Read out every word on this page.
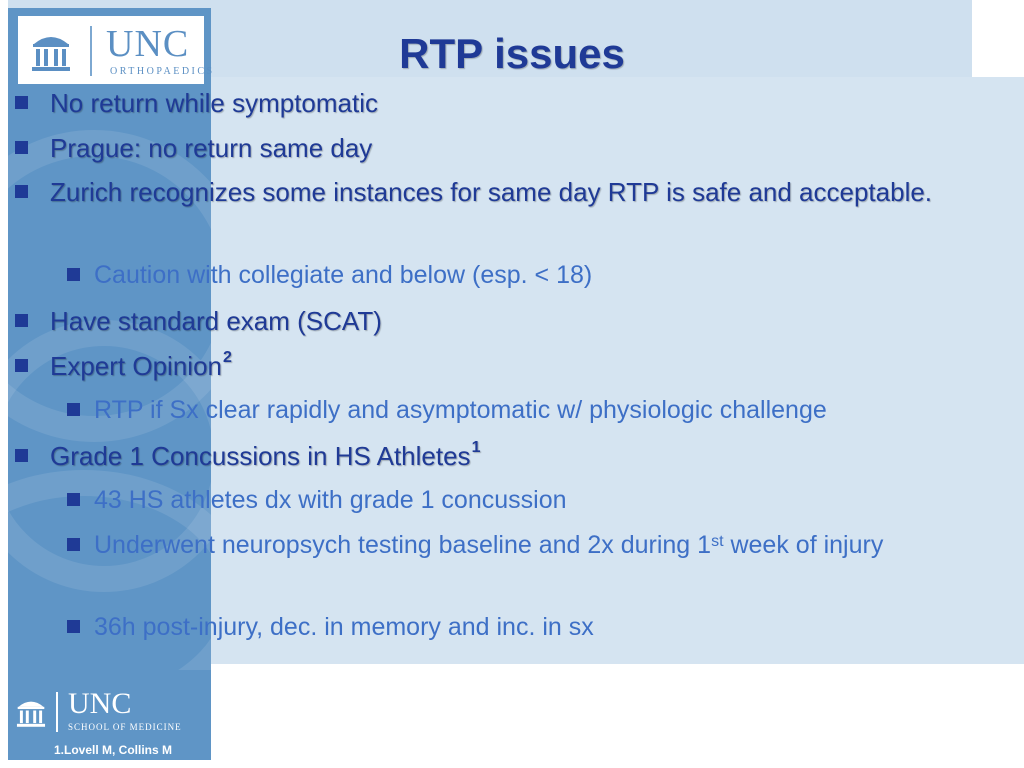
UNC
ORTHOPAEDICS	RTP issues

No return while symptomatic

Prague: no return same day

Zurich recognizes some instances for same day RTP is safe and acceptable.

Caution with collegiate and below (esp. < 18)

Have standard exam (SCAT)

Expert Opinion$^2$

RTP if Sx clear rapidly and asymptomatic w/ physiologic challenge

Grade 1 Concussions in HS Athletes$^1$

43 HS athletes dx with grade 1 concussion

Underwent neuropsych testing baseline and 2x during 1st week of injury

36h post-injury, dec. in memory and inc. in sx

UNC
SCHOOL OF MEDICINE
1.Lovell M, Collins M
